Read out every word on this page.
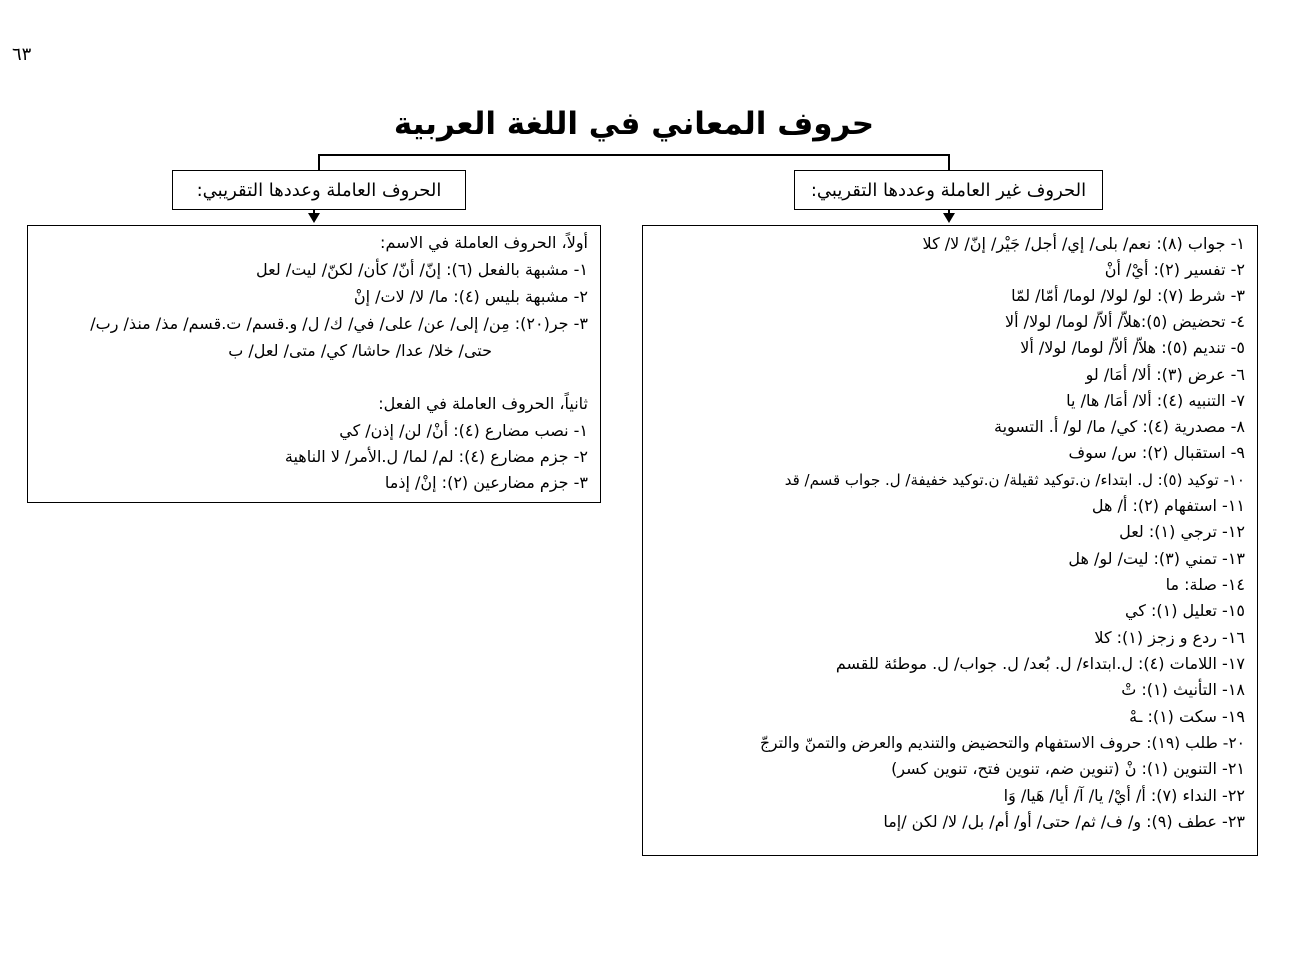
٦٣
حروف المعاني في اللغة العربية
الحروف العاملة وعددها التقريبي:	الحروف غير العاملة وعددها التقريبي:
أولاً، الحروف العاملة في الاسم:
١- مشبهة بالفعل (٦): إنّ/ أنّ/ كأن/ لكنّ/ ليت/ لعل
٢- مشبهة بليس (٤): ما/ لا/ لات/ إنْ
٣- جر(٢٠): مِن/ إلى/ عن/ على/ في/ ك/ ل/ و.قسم/ ت.قسم/ مذ/ منذ/ رب/
حتى/ خلا/ عدا/ حاشا/ كي/ متى/ لعل/ ب
ثانياً، الحروف العاملة في الفعل:
١- نصب مضارع (٤): أنْ/ لن/ إذن/ كي
٢- جزم مضارع (٤): لم/ لما/ ل.الأمر/ لا الناهية
٣- جزم مضارعين (٢): إنْ/ إذما
١- جواب (٨): نعم/ بلى/ إي/ أجل/ جَيْر/ إنّ/ لا/ كلا
٢- تفسير (٢): أيْ/ أنْ
٣- شرط (٧): لو/ لولا/ لوما/ أمّا/ لمّا
٤- تحضيض (٥):هلاّ/ ألاّ/ لوما/ لولا/ ألا
٥- تنديم (٥): هلاّ/ ألاّ/ لوما/ لولا/ ألا
٦- عرض (٣): ألا/ أمَا/ لو
٧- التنبيه (٤): ألا/ أمَا/ ها/ يا
٨- مصدرية (٤): كي/ ما/ لو/ أ. التسوية
٩- استقبال (٢): س/ سوف
١٠- توكيد (٥): ل. ابتداء/ ن.توكيد ثقيلة/ ن.توكيد خفيفة/ ل. جواب قسم/ قد
١١- استفهام (٢): أ/ هل
١٢- ترجي (١): لعل
١٣- تمني (٣): ليت/ لو/ هل
١٤- صلة: ما
١٥- تعليل (١): كي
١٦- ردع و زجز (١): كلا
١٧- اللامات (٤): ل.ابتداء/ ل. بُعد/ ل. جواب/ ل. موطئة للقسم
١٨- التأنيث (١): تْ
١٩- سكت (١): ـهْ
٢٠- طلب (١٩): حروف الاستفهام والتحضيض والتنديم والعرض والتمنّ والترجّ
٢١- التنوين (١): نْ (تنوين ضم، تنوين فتح، تنوين كسر)
٢٢- النداء (٧): أ/ أيْ/ يا/ آ/ أيا/ هَيا/ وَا
٢٣- عطف (٩): و/ ف/ ثم/ حتى/ أو/ أم/ بل/ لا/ لكن /إما
